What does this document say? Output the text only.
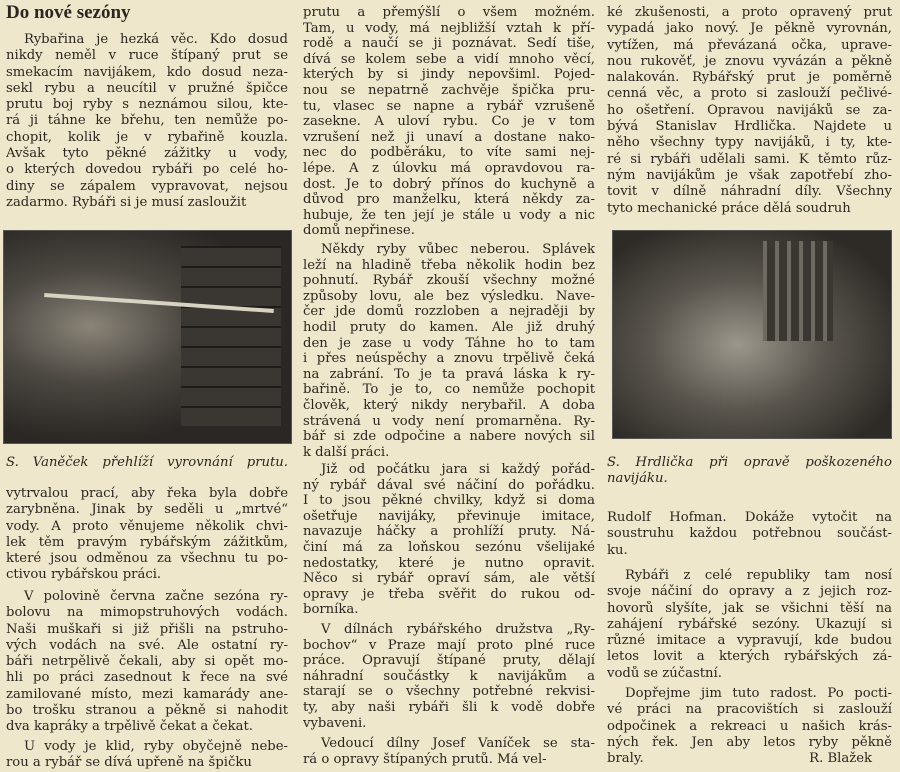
Do nové sezóny
Rybařina je hezká věc. Kdo dosud
nikdy neměl v ruce štípaný prut se
smekacím navijákem, kdo dosud neza-
sekl rybu a neucítil v pružné špičce
prutu boj ryby s neznámou silou, kte-
rá ji táhne ke břehu, ten nemůže po-
chopit, kolik je v rybařině kouzla.
Avšak tyto pěkné zážitky u vody,
o kterých dovedou rybáři po celé ho-
diny se zápalem vypravovat, nejsou
zadarmo. Rybáři si je musí zasloužit
S. Vaněček přehlíží vyrovnání prutu.
vytrvalou prací, aby řeka byla dobře
zarybněna. Jinak by seděli u „mrtvé“
vody. A proto věnujeme několik chvi-
lek těm pravým rybářským zážitkům,
které jsou odměnou za všechnu tu po-
ctivou rybářskou práci.
V polovině června začne sezóna ry-
bolovu na mimopstruhových vodách.
Naši muškaři si již přišli na pstruho-
vých vodách na své. Ale ostatní ry-
báři netrpělivě čekali, aby si opět mo-
hli po práci zasednout k řece na své
zamilované místo, mezi kamarády ane-
bo trošku stranou a pěkně si nahodit
dva kapráky a trpělivě čekat a čekat.
U vody je klid, ryby obyčejně nebe-
rou a rybář se dívá upřeně na špičku
prutu a přemýšlí o všem možném.
Tam, u vody, má nejbližší vztah k pří-
rodě a naučí se ji poznávat. Sedí tiše,
dívá se kolem sebe a vidí mnoho věcí,
kterých by si jindy nepovšiml. Pojed-
nou se nepatrně zachvěje špička pru-
tu, vlasec se napne a rybář vzrušeně
zasekne. A uloví rybu. Co je v tom
vzrušení než ji unaví a dostane nako-
nec do podběráku, to víte sami nej-
lépe. A z úlovku má opravdovou ra-
dost. Je to dobrý přínos do kuchyně a
důvod pro manželku, která někdy za-
hubuje, že ten její je stále u vody a nic
domů nepřinese.
Někdy ryby vůbec neberou. Splávek
leží na hladině třeba několik hodin bez
pohnutí. Rybář zkouší všechny možné
způsoby lovu, ale bez výsledku. Nave-
čer jde domů rozzloben a nejraději by
hodil pruty do kamen. Ale již druhý
den je zase u vody Táhne ho to tam
i přes neúspěchy a znovu trpělivě čeká
na zabrání. To je ta pravá láska k ry-
bařině. To je to, co nemůže pochopit
člověk, který nikdy nerybařil. A doba
strávená u vody není promarněna. Ry-
bář si zde odpočine a nabere nových sil
k další práci.
Již od počátku jara si každý pořád-
ný rybář dával své náčiní do pořádku.
I to jsou pěkné chvilky, když si doma
ošetřuje navijáky, převinuje imitace,
navazuje háčky a prohlíží pruty. Ná-
činí má za loňskou sezónu všelijaké
nedostatky, které je nutno opravit.
Něco si rybář opraví sám, ale větší
opravy je třeba svěřit do rukou od-
borníka.
V dílnách rybářského družstva „Ry-
bochov“ v Praze mají proto plné ruce
práce. Opravují štípané pruty, dělají
náhradní součástky k navijákům a
starají se o všechny potřebné rekvisi-
ty, aby naši rybáři šli k vodě dobře
vybaveni.
Vedoucí dílny Josef Vaníček se sta-
rá o opravy štípaných prutů. Má vel-
ké zkušenosti, a proto opravený prut
vypadá jako nový. Je pěkně vyrovnán,
vytížen, má převázaná očka, uprave-
nou rukověť, je znovu vyvázán a pěkně
nalakován. Rybářský prut je poměrně
cenná věc, a proto si zaslouží pečlivé-
ho ošetření. Opravou navijáků se za-
bývá Stanislav Hrdlička. Najdete u
něho všechny typy navijáků, i ty, kte-
ré si rybáři udělali sami. K těmto růz-
ným navijákům je však zapotřebí zho-
tovit v dílně náhradní díly. Všechny
tyto mechanické práce dělá soudruh
S. Hrdlička při opravě poškozeného
navijáku.
Rudolf Hofman. Dokáže vytočit na
soustruhu každou potřebnou součást-
ku.
Rybáři z celé republiky tam nosí
svoje náčiní do opravy a z jejich roz-
hovorů slyšíte, jak se všichni těší na
zahájení rybářské sezóny. Ukazují si
různé imitace a vypravují, kde budou
letos lovit a kterých rybářských zá-
vodů se zúčastní.
Dopřejme jim tuto radost. Po pocti-
vé práci na pracovištích si zaslouží
odpočinek a rekreaci u našich krás-
ných řek. Jen aby letos ryby pěkně
braly.	R. Blažek
